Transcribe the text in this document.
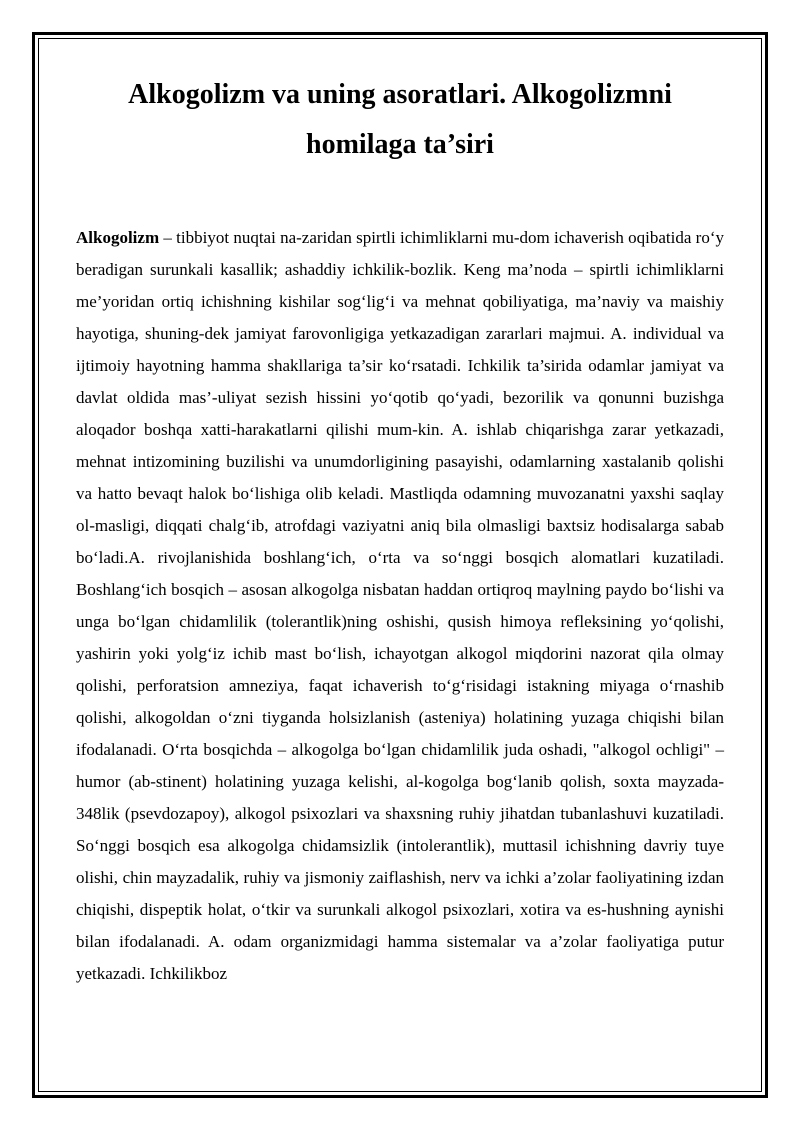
Alkogolizm va uning asoratlari. Alkogolizmni
homilaga ta’siri

Alkogolizm – tibbiyot nuqtai na-zaridan spirtli ichimliklarni mu-dom ichaverish oqibatida ro‘y beradigan surunkali kasallik; ashaddiy ichkilik-bozlik. Keng ma’noda – spirtli ichimliklarni me’yoridan ortiq ichishning kishilar sog‘lig‘i va mehnat qobiliyatiga, ma’naviy va maishiy hayotiga, shuning-dek jamiyat farovonligiga yetkazadigan zararlari majmui. A. individual va ijtimoiy hayotning hamma shakllariga ta’sir ko‘rsatadi. Ichkilik ta’sirida odamlar jamiyat va davlat oldida mas’-uliyat sezish hissini yo‘qotib qo‘yadi, bezorilik va qonunni buzishga aloqador boshqa xatti-harakatlarni qilishi mum-kin. A. ishlab chiqarishga zarar yetkazadi, mehnat intizomining buzilishi va unumdorligining pasayishi, odamlarning xastalanib qolishi va hatto bevaqt halok bo‘lishiga olib keladi. Mastliqda odamning muvozanatni yaxshi saqlay ol-masligi, diqqati chalg‘ib, atrofdagi vaziyatni aniq bila olmasligi baxtsiz hodisalarga sabab bo‘ladi.A. rivojlanishida boshlang‘ich, o‘rta va so‘nggi bosqich alomatlari kuzatiladi. Boshlang‘ich bosqich – asosan alkogolga nisbatan haddan ortiqroq maylning paydo bo‘lishi va unga bo‘lgan chidamlilik (tolerantlik)ning oshishi, qusish himoya refleksining yo‘qolishi, yashirin yoki yolg‘iz ichib mast bo‘lish, ichayotgan alkogol miqdorini nazorat qila olmay qolishi, perforatsion amneziya, faqat ichaverish to‘g‘risidagi istakning miyaga o‘rnashib qolishi, alkogoldan o‘zni tiyganda holsizlanish (asteniya) holatining yuzaga chiqishi bilan ifodalanadi. O‘rta bosqichda – alkogolga bo‘lgan chidamlilik juda oshadi, "alkogol ochligi" – humor (ab-stinent) holatining yuzaga kelishi, al-kogolga bog‘lanib qolish, soxta mayzada-348lik (psevdozapoy), alkogol psixozlari va shaxsning ruhiy jihatdan tubanlashuvi kuzatiladi. So‘nggi bosqich esa alkogolga chidamsizlik (intolerantlik), muttasil ichishning davriy tuye olishi, chin mayzadalik, ruhiy va jismoniy zaiflashish, nerv va ichki a’zolar faoliyatining izdan chiqishi, dispeptik holat, o‘tkir va surunkali alkogol psixozlari, xotira va es-hushning aynishi bilan ifodalanadi. A. odam organizmidagi hamma sistemalar va a’zolar faoliyatiga putur yetkazadi. Ichkilikboz
